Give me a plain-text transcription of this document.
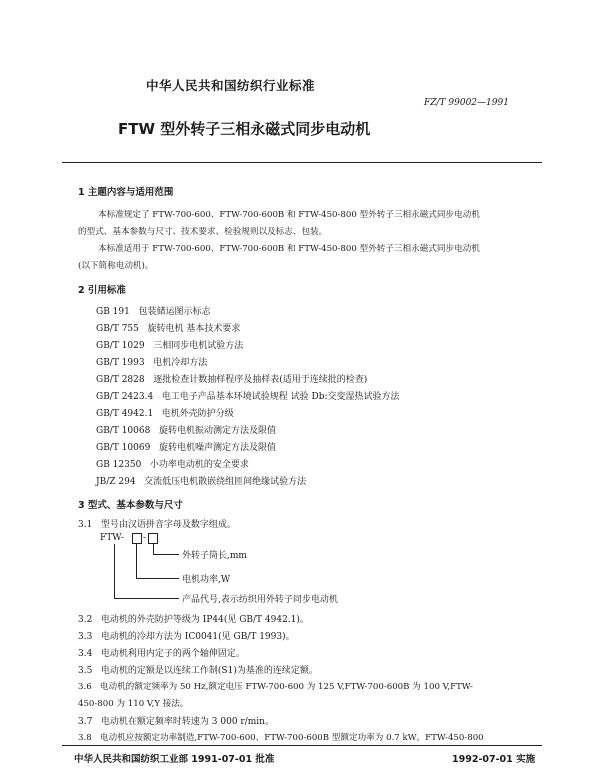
中华人民共和国纺织行业标准
FZ/T 99002—1991
FTW 型外转子三相永磁式同步电动机
1 主题内容与适用范围
本标准规定了 FTW-700-600、FTW-700-600B 和 FTW-450-800 型外转子三相永磁式同步电动机
的型式、基本参数与尺寸、技术要求、检验规则以及标志、包装。
本标准适用于 FTW-700-600、FTW-700-600B 和 FTW-450-800 型外转子三相永磁式同步电动机
(以下简称电动机)。
2 引用标准
GB 191 包装储运图示标志
GB/T 755 旋转电机 基本技术要求
GB/T 1029 三相同步电机试验方法
GB/T 1993 电机冷却方法
GB/T 2828 逐批检查计数抽样程序及抽样表(适用于连续批的检查)
GB/T 2423.4 电工电子产品基本环境试验规程 试验 Db:交变湿热试验方法
GB/T 4942.1 电机外壳防护分级
GB/T 10068 旋转电机振动测定方法及限值
GB/T 10069 旋转电机噪声测定方法及限值
GB 12350 小功率电动机的安全要求
JB/Z 294 交流低压电机散嵌绕组匝间绝缘试验方法
3 型式、基本参数与尺寸
3.1 型号由汉语拼音字母及数字组成。
FTW- -
外转子筒长,mm
电机功率,W
产品代号,表示纺织用外转子同步电动机
3.2 电动机的外壳防护等级为 IP44(见 GB/T 4942.1)。
3.3 电动机的冷却方法为 IC0041(见 GB/T 1993)。
3.4 电动机利用内定子的两个轴伸固定。
3.5 电动机的定额是以连续工作制(S1)为基准的连续定额。
3.6 电动机的额定频率为 50 Hz,额定电压 FTW-700-600 为 125 V,FTW-700-600B 为 100 V,FTW-
450-800 为 110 V,Y 接法。
3.7 电动机在额定频率时转速为 3 000 r/min。
3.8 电动机应按额定功率制造,FTW-700-600、FTW-700-600B 型额定功率为 0.7 kW。FTW-450-800
中华人民共和国纺织工业部 1991-07-01 批准	1992-07-01 实施
